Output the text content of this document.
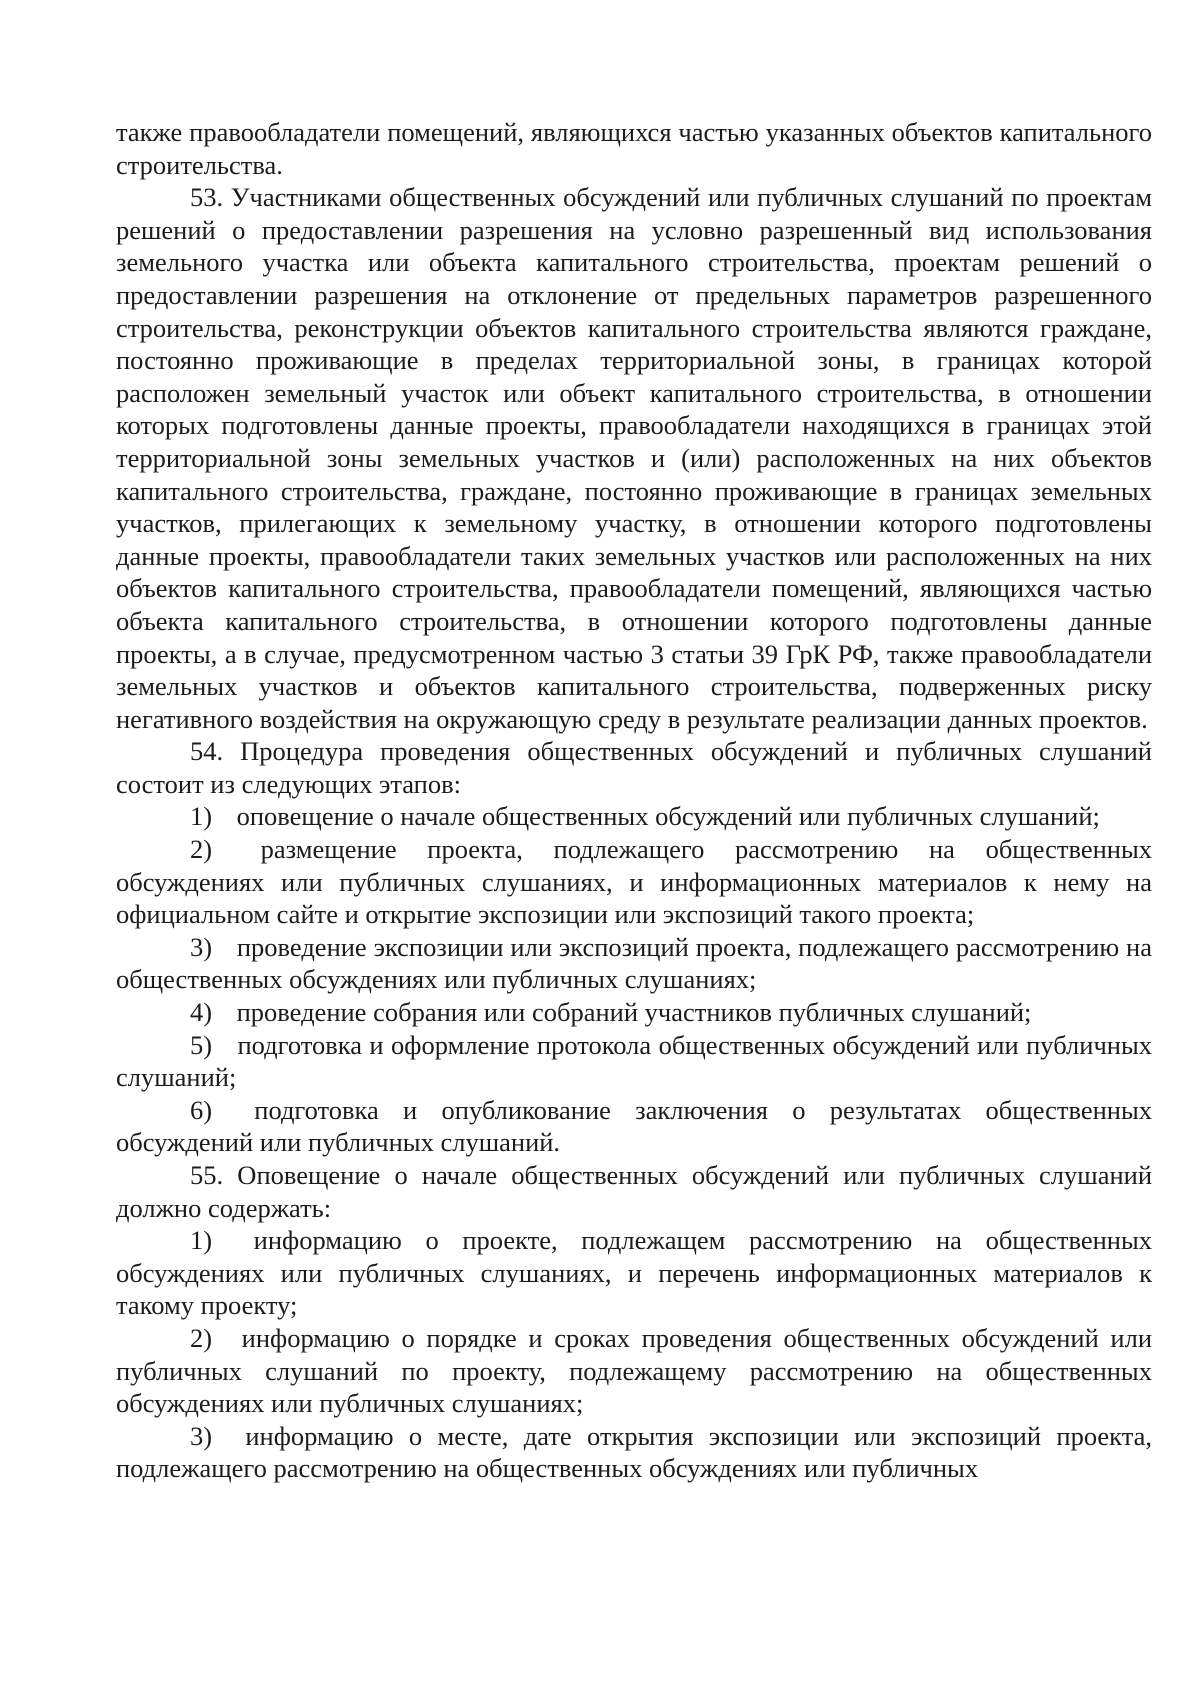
также правообладатели помещений, являющихся частью указанных объектов капитального строительства.

53. Участниками общественных обсуждений или публичных слушаний по проектам решений о предоставлении разрешения на условно разрешенный вид использования земельного участка или объекта капитального строительства, проектам решений о предоставлении разрешения на отклонение от предельных параметров разрешенного строительства, реконструкции объектов капитального строительства являются граждане, постоянно проживающие в пределах территориальной зоны, в границах которой расположен земельный участок или объект капитального строительства, в отношении которых подготовлены данные проекты, правообладатели находящихся в границах этой территориальной зоны земельных участков и (или) расположенных на них объектов капитального строительства, граждане, постоянно проживающие в границах земельных участков, прилегающих к земельному участку, в отношении которого подготовлены данные проекты, правообладатели таких земельных участков или расположенных на них объектов капитального строительства, правообладатели помещений, являющихся частью объекта капитального строительства, в отношении которого подготовлены данные проекты, а в случае, предусмотренном частью 3 статьи 39 ГрК РФ, также правообладатели земельных участков и объектов капитального строительства, подверженных риску негативного воздействия на окружающую среду в результате реализации данных проектов.

54. Процедура проведения общественных обсуждений и публичных слушаний состоит из следующих этапов:

1) оповещение о начале общественных обсуждений или публичных слушаний;

2) размещение проекта, подлежащего рассмотрению на общественных обсуждениях или публичных слушаниях, и информационных материалов к нему на официальном сайте и открытие экспозиции или экспозиций такого проекта;

3) проведение экспозиции или экспозиций проекта, подлежащего рассмотрению на общественных обсуждениях или публичных слушаниях;

4) проведение собрания или собраний участников публичных слушаний;

5) подготовка и оформление протокола общественных обсуждений или публичных слушаний;

6) подготовка и опубликование заключения о результатах общественных обсуждений или публичных слушаний.

55. Оповещение о начале общественных обсуждений или публичных слушаний должно содержать:

1) информацию о проекте, подлежащем рассмотрению на общественных обсуждениях или публичных слушаниях, и перечень информационных материалов к такому проекту;

2) информацию о порядке и сроках проведения общественных обсуждений или публичных слушаний по проекту, подлежащему рассмотрению на общественных обсуждениях или публичных слушаниях;

3) информацию о месте, дате открытия экспозиции или экспозиций проекта, подлежащего рассмотрению на общественных обсуждениях или публичных
